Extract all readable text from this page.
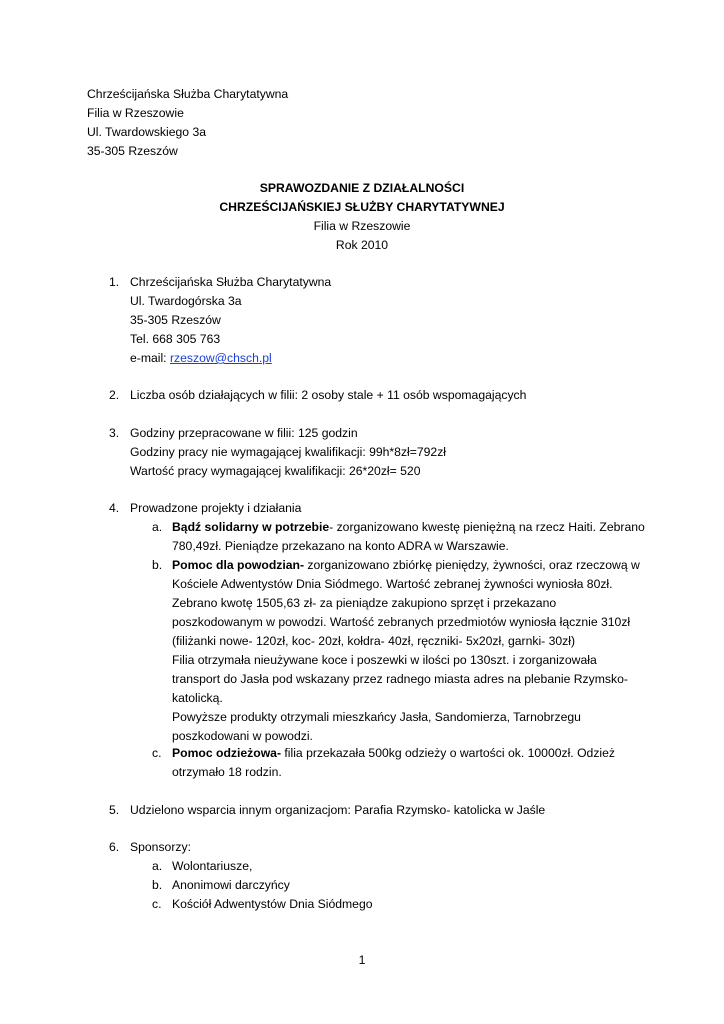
Chrześcijańska Służba Charytatywna
Filia w Rzeszowie
Ul. Twardowskiego 3a
35-305 Rzeszów
SPRAWOZDANIE Z DZIAŁALNOŚCI
CHRZEŚCIJAŃSKIEJ SŁUŻBY CHARYTATYWNEJ
Filia w Rzeszowie
Rok 2010
1. Chrześcijańska Służba Charytatywna
Ul. Twardogórska 3a
35-305 Rzeszów
Tel. 668 305 763
e-mail: rzeszow@chsch.pl
2. Liczba osób działających w filii: 2 osoby stale + 11 osób wspomagających
3. Godziny przepracowane w filii: 125 godzin
Godziny pracy nie wymagającej kwalifikacji: 99h*8zł=792zł
Wartość pracy wymagającej kwalifikacji: 26*20zł= 520
4. Prowadzone projekty i działania
a. Bądź solidarny w potrzebie- zorganizowano kwestę pieniężną na rzecz Haiti. Zebrano
780,49zł. Pieniądze przekazano na konto ADRA w Warszawie.
b. Pomoc dla powodzian- zorganizowano zbiórkę pieniędzy, żywności, oraz rzeczową w
Kościele Adwentystów Dnia Siódmego. Wartość zebranej żywności wyniosła 80zł.
Zebrano kwotę 1505,63 zł- za pieniądze zakupiono sprzęt i przekazano
poszkodowanym w powodzi. Wartość zebranych przedmiotów wyniosła łącznie 310zł
(filiżanki nowe- 120zł, koc- 20zł, kołdra- 40zł, ręczniki- 5x20zł, garnki- 30zł)
Filia otrzymała nieużywane koce i poszewki w ilości po 130szt. i zorganizowała
transport do Jasła pod wskazany przez radnego miasta adres na plebanie Rzymsko-
katolicką.
Powyższe produkty otrzymali mieszkańcy Jasła, Sandomierza, Tarnobrzegu
poszkodowani w powodzi.
c. Pomoc odzieżowa- filia przekazała 500kg odzieży o wartości ok. 10000zł. Odzież
otrzymało 18 rodzin.
5. Udzielono wsparcia innym organizacjom: Parafia Rzymsko- katolicka w Jaśle
6. Sponsorzy:
a. Wolontariusze,
b. Anonimowi darczyńcy
c. Kościół Adwentystów Dnia Siódmego
1
